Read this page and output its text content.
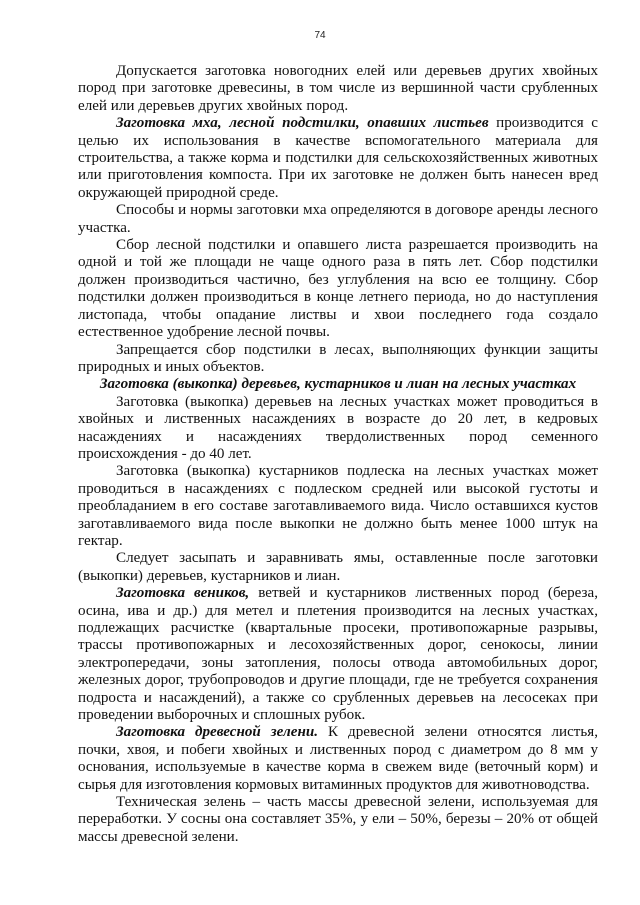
74

Допускается заготовка новогодних елей или деревьев других хвойных пород при заготовке древесины, в том числе из вершинной части срубленных елей или деревьев других хвойных пород.

Заготовка мха, лесной подстилки, опавших листьев производится с целью их использования в качестве вспомогательного материала для строительства, а также корма и подстилки для сельскохозяйственных животных или приготовления компоста. При их заготовке не должен быть нанесен вред окружающей природной среде.

Способы и нормы заготовки мха определяются в договоре аренды лесного участка.

Сбор лесной подстилки и опавшего листа разрешается производить на одной и той же площади не чаще одного раза в пять лет. Сбор подстилки должен производиться частично, без углубления на всю ее толщину. Сбор подстилки должен производиться в конце летнего периода, но до наступления листопада, чтобы опадание листвы и хвои последнего года создало естественное удобрение лесной почвы.

Запрещается сбор подстилки в лесах, выполняющих функции защиты природных и иных объектов.

Заготовка (выкопка) деревьев, кустарников и лиан на лесных участках

Заготовка (выкопка) деревьев на лесных участках может проводиться в хвойных и лиственных насаждениях в возрасте до 20 лет, в кедровых насаждениях и насаждениях твердолиственных пород семенного происхождения - до 40 лет.

Заготовка (выкопка) кустарников подлеска на лесных участках может проводиться в насаждениях с подлеском средней или высокой густоты и преобладанием в его составе заготавливаемого вида. Число оставшихся кустов заготавливаемого вида после выкопки не должно быть менее 1000 штук на гектар.

Следует засыпать и заравнивать ямы, оставленные после заготовки (выкопки) деревьев, кустарников и лиан.

Заготовка веников, ветвей и кустарников лиственных пород (береза, осина, ива и др.) для метел и плетения производится на лесных участках, подлежащих расчистке (квартальные просеки, противопожарные разрывы, трассы противопожарных и лесохозяйственных дорог, сенокосы, линии электропередачи, зоны затопления, полосы отвода автомобильных дорог, железных дорог, трубопроводов и другие площади, где не требуется сохранения подроста и насаждений), а также со срубленных деревьев на лесосеках при проведении выборочных и сплошных рубок.

Заготовка древесной зелени. К древесной зелени относятся листья, почки, хвоя, и побеги хвойных и лиственных пород с диаметром до 8 мм у основания, используемые в качестве корма в свежем виде (веточный корм) и сырья для изготовления кормовых витаминных продуктов для животноводства.

Техническая зелень – часть массы древесной зелени, используемая для переработки. У сосны она составляет 35%, у ели – 50%, березы – 20% от общей массы древесной зелени.
